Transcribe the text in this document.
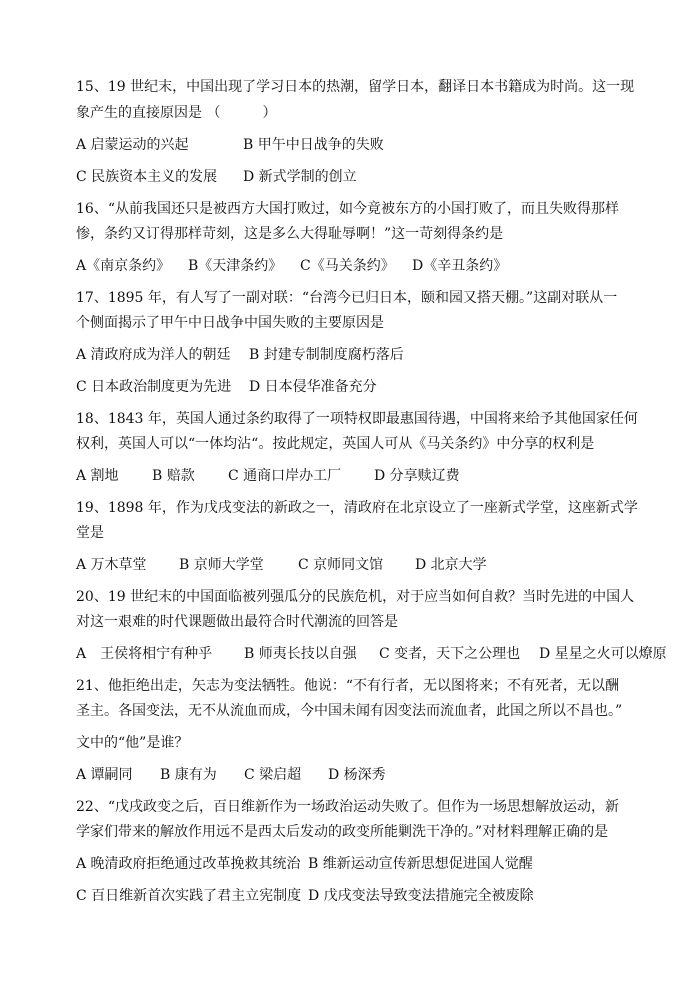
15、19 世纪末，中国出现了学习日本的热潮，留学日本，翻译日本书籍成为时尚。这一现
象产生的直接原因是 （　　　）
A 启蒙运动的兴起	B 甲午中日战争的失败
C 民族资本主义的发展 D 新式学制的创立
16、“从前我国还只是被西方大国打败过，如今竟被东方的小国打败了，而且失败得那样
惨，条约又订得那样苛刻，这是多么大得耻辱啊！”这一苛刻得条约是
A《南京条约》 B《天津条约》 C《马关条约》 D《辛丑条约》
17、1895 年，有人写了一副对联：“台湾今已归日本，颐和园又搭天棚。”这副对联从一
个侧面揭示了甲午中日战争中国失败的主要原因是
A 清政府成为洋人的朝廷 B 封建专制制度腐朽落后
C 日本政治制度更为先进 D 日本侵华准备充分
18、1843 年，英国人通过条约取得了一项特权即最惠国待遇，中国将来给予其他国家任何
权利，英国人可以“一体均沾“。按此规定，英国人可从《马关条约》中分享的权利是
A 割地 B 赔款 C 通商口岸办工厂 D 分享赎辽费
19、1898 年，作为戊戌变法的新政之一，清政府在北京设立了一座新式学堂，这座新式学
堂是
A 万木草堂 B 京师大学堂 C 京师同文馆 D 北京大学
20、19 世纪末的中国面临被列强瓜分的民族危机，对于应当如何自救？当时先进的中国人
对这一艰难的时代课题做出最符合时代潮流的回答是
A　王侯将相宁有种乎 B 师夷长技以自强 C 变者，天下之公理也 D 星星之火可以燎原
21、他拒绝出走，矢志为变法牺牲。他说：“不有行者，无以图将来；不有死者，无以酬
圣主。各国变法，无不从流血而成，今中国未闻有因变法而流血者，此国之所以不昌也。”
文中的“他”是谁？
A 谭嗣同 B 康有为 C 梁启超 D 杨深秀
22、“戊戌政变之后，百日维新作为一场政治运动失败了。但作为一场思想解放运动，新
学家们带来的解放作用远不是西太后发动的政变所能剿洗干净的。”对材料理解正确的是
A 晚清政府拒绝通过改革挽救其统治 B 维新运动宣传新思想促进国人觉醒
C 百日维新首次实践了君主立宪制度 D 戊戌变法导致变法措施完全被废除
